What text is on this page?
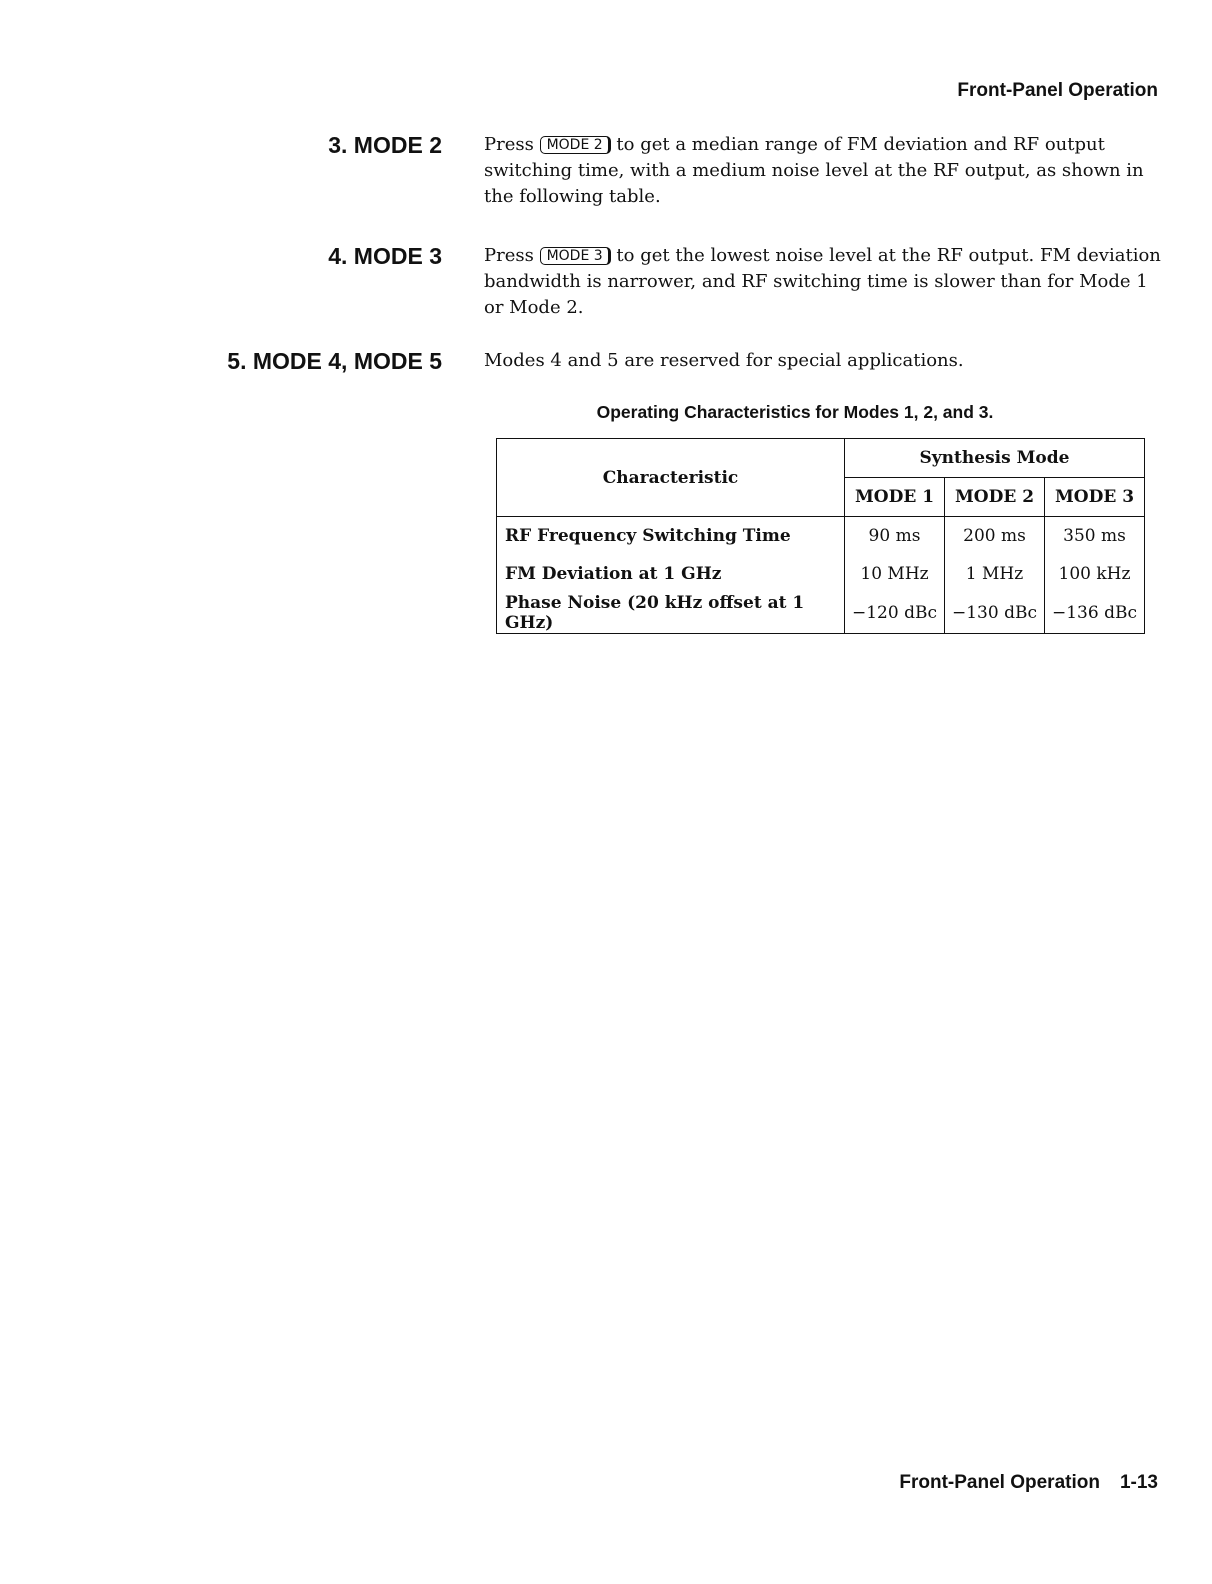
Front-Panel Operation
3. MODE 2 Press MODE 2 to get a median range of FM deviation and RF output switching time, with a medium noise level at the RF output, as shown in the following table.
4. MODE 3 Press MODE 3 to get the lowest noise level at the RF output. FM deviation bandwidth is narrower, and RF switching time is slower than for Mode 1 or Mode 2.
5. MODE 4, MODE 5 Modes 4 and 5 are reserved for special applications.
Operating Characteristics for Modes 1, 2, and 3.
Characteristic	Synthesis Mode		
	MODE 1	MODE 2	MODE 3
RF Frequency Switching Time	90 ms	200 ms	350 ms
FM Deviation at 1 GHz	10 MHz	1 MHz	100 kHz
Phase Noise (20 kHz offset at 1 GHz)	−120 dBc	−130 dBc	−136 dBc
Front-Panel Operation 1-13
